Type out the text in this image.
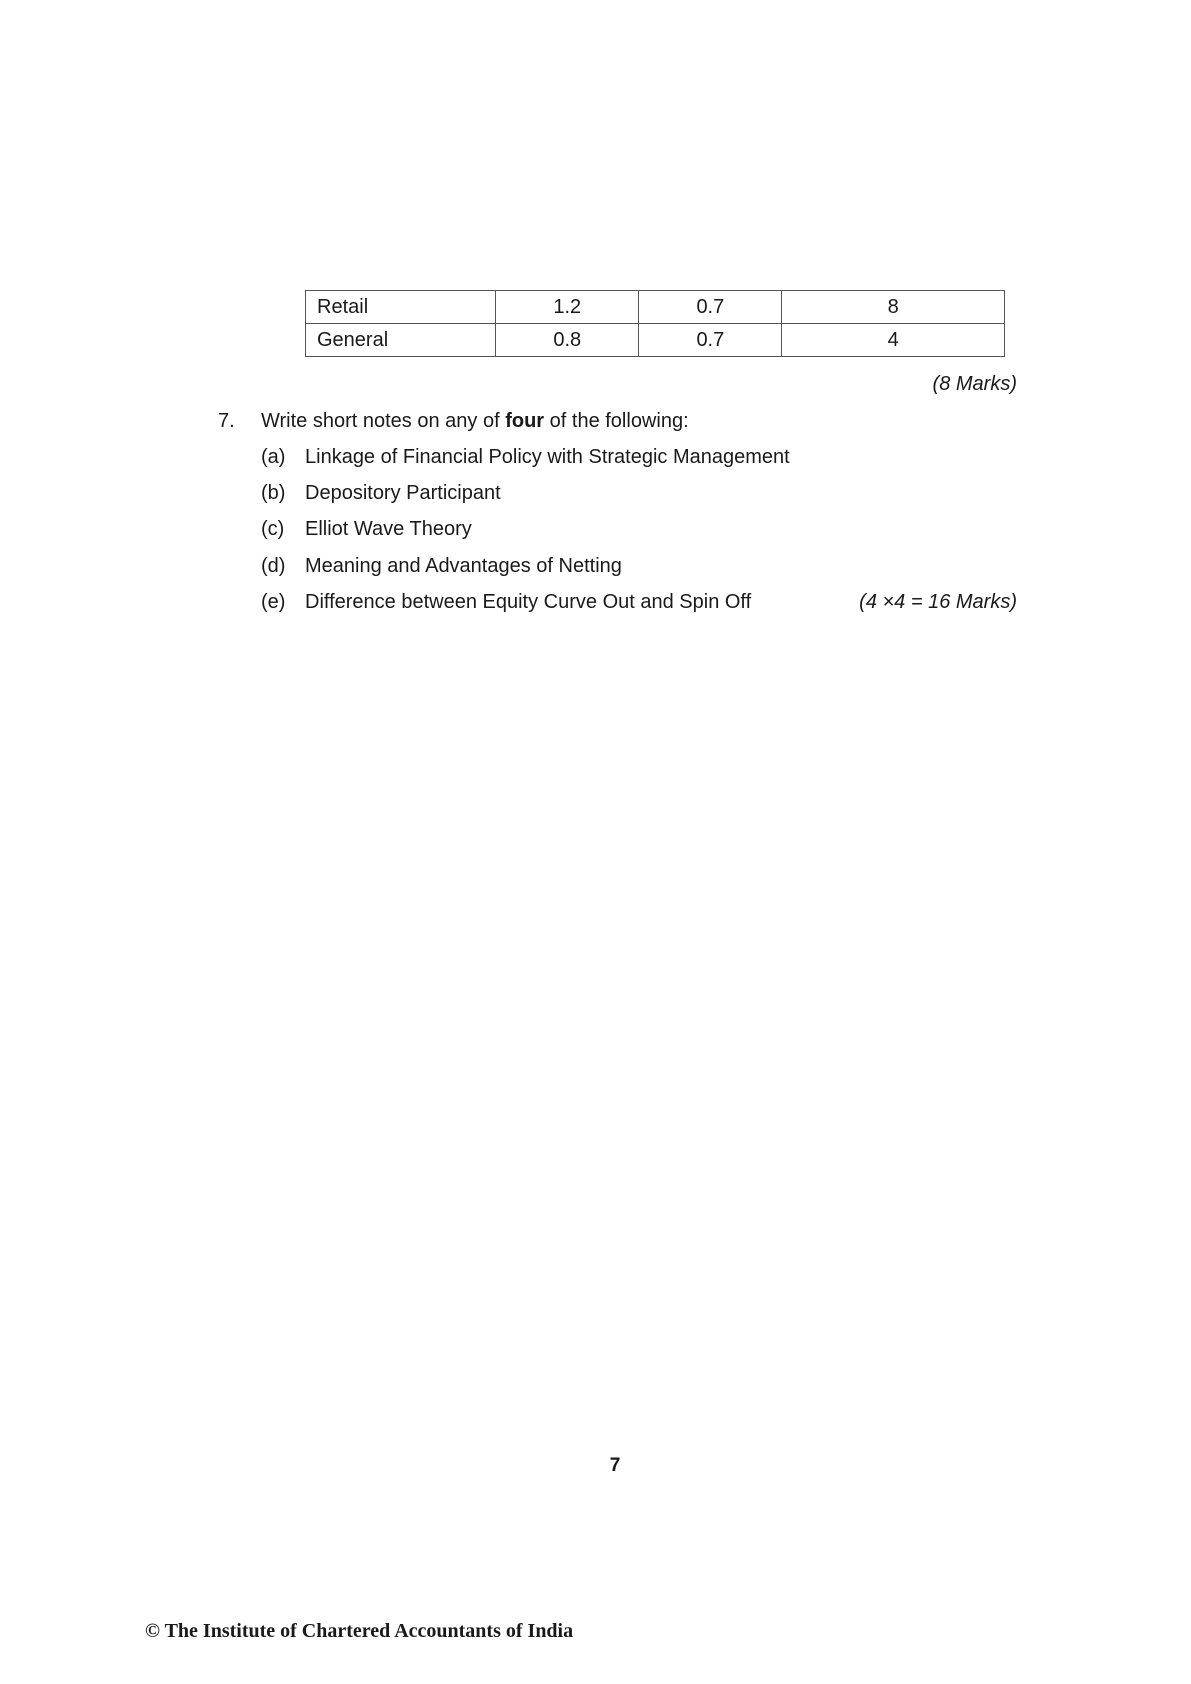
Retail	1.2	0.7	8
General	0.8	0.7	4
(8 Marks)
7. Write short notes on any of four of the following:
(a) Linkage of Financial Policy with Strategic Management
(b) Depository Participant
(c) Elliot Wave Theory
(d) Meaning and Advantages of Netting
(e) Difference between Equity Curve Out and Spin Off	(4 ×4 = 16 Marks)
7
© The Institute of Chartered Accountants of India
